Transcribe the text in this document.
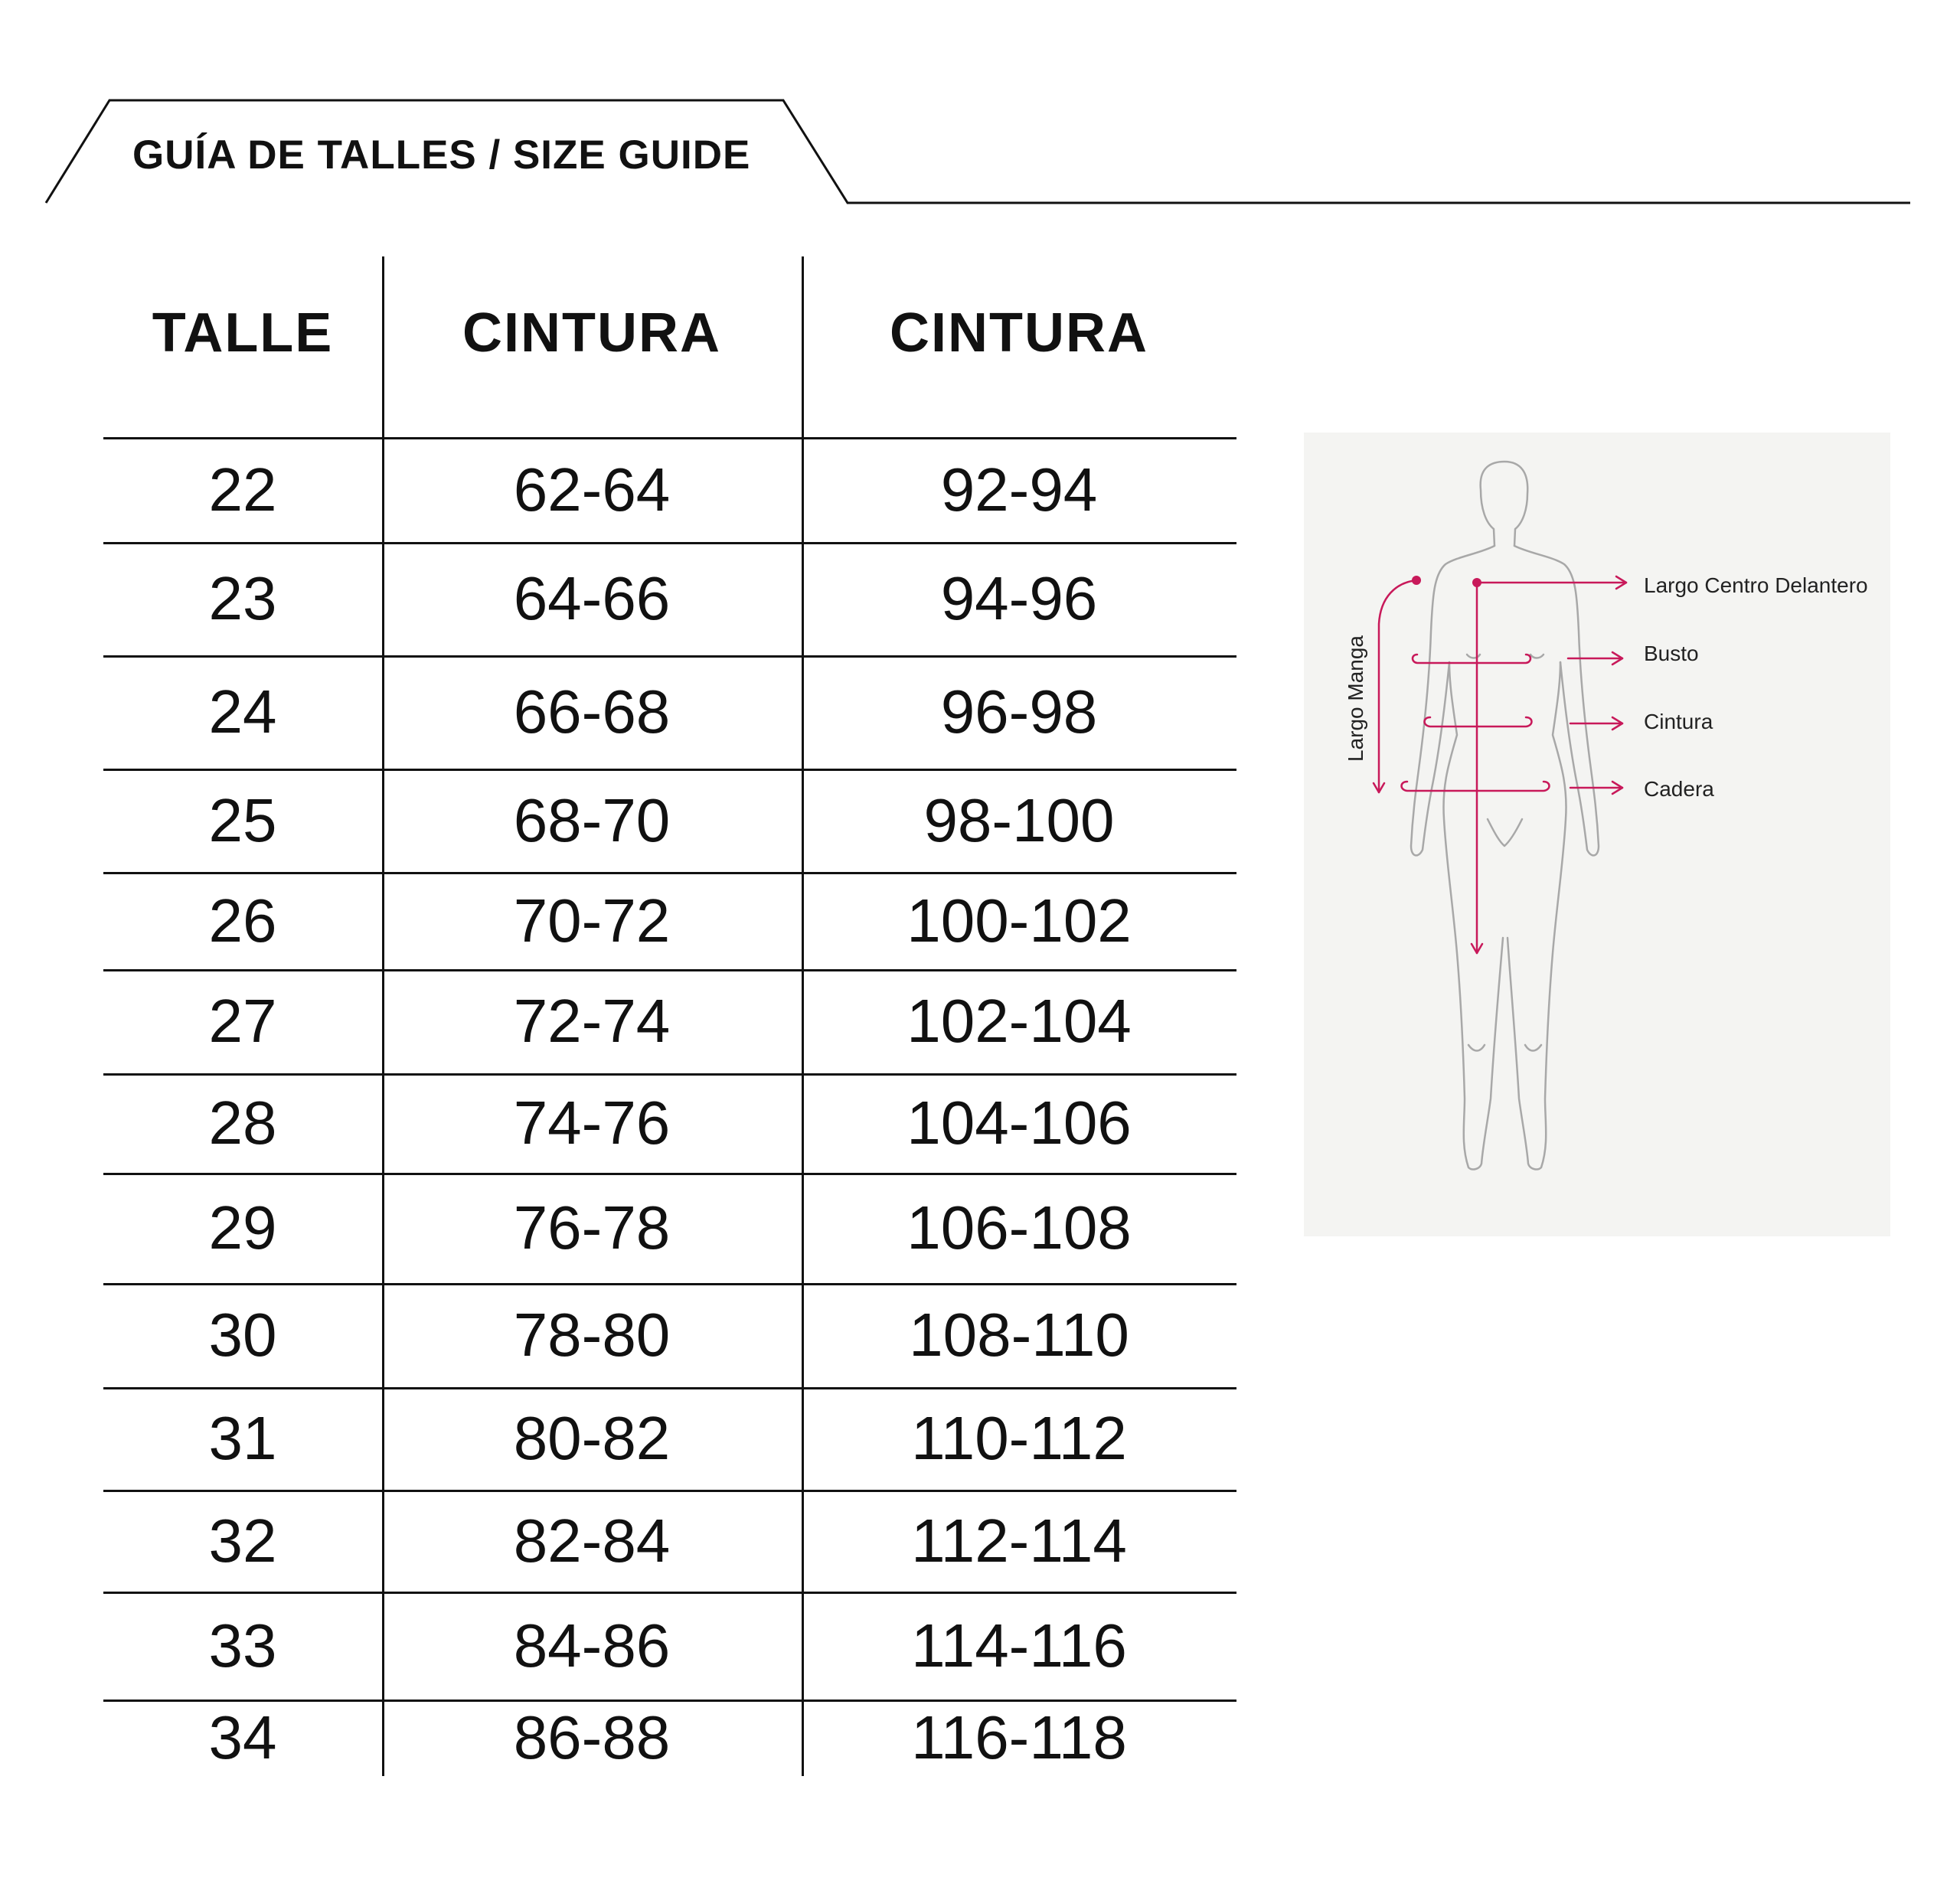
GUÍA DE TALLES / SIZE GUIDE
TALLE	CINTURA	CINTURA
22	62-64	92-94
23	64-66	94-96
24	66-68	96-98
25	68-70	98-100
26	70-72	100-102
27	72-74	102-104
28	74-76	104-106
29	76-78	106-108
30	78-80	108-110
31	80-82	110-112
32	82-84	112-114
33	84-86	114-116
34	86-88	116-118
Largo Centro Delantero
Busto
Cintura
Cadera
Largo Manga
